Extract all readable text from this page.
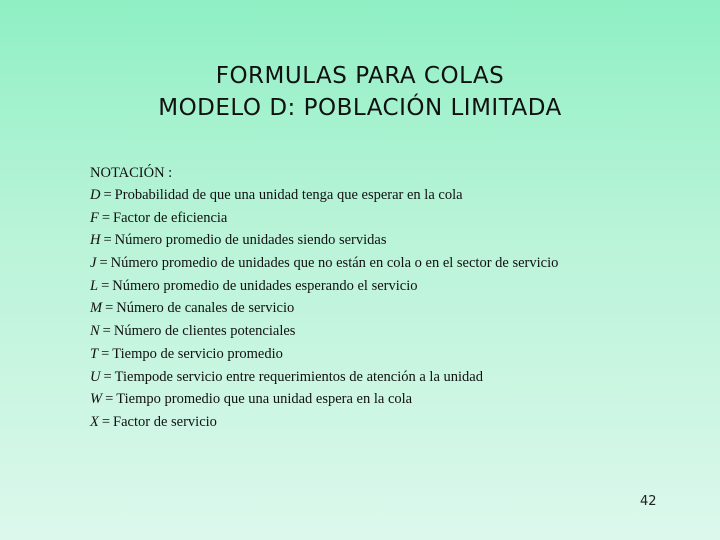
FORMULAS PARA COLAS
MODELO D: POBLACIÓN LIMITADA
NOTACIÓN :
D = Probabilidad de que una unidad tenga que esperar en la cola
F = Factor de eficiencia
H = Número promedio de unidades siendo servidas
J = Número promedio de unidades que no están en cola o en el sector de servicio
L = Número promedio de unidades esperando el servicio
M = Número de canales de servicio
N = Número de clientes potenciales
T = Tiempo de servicio promedio
U = Tiempode servicio entre requerimientos de atención a la unidad
W = Tiempo promedio que una unidad espera en la cola
X = Factor de servicio
42
